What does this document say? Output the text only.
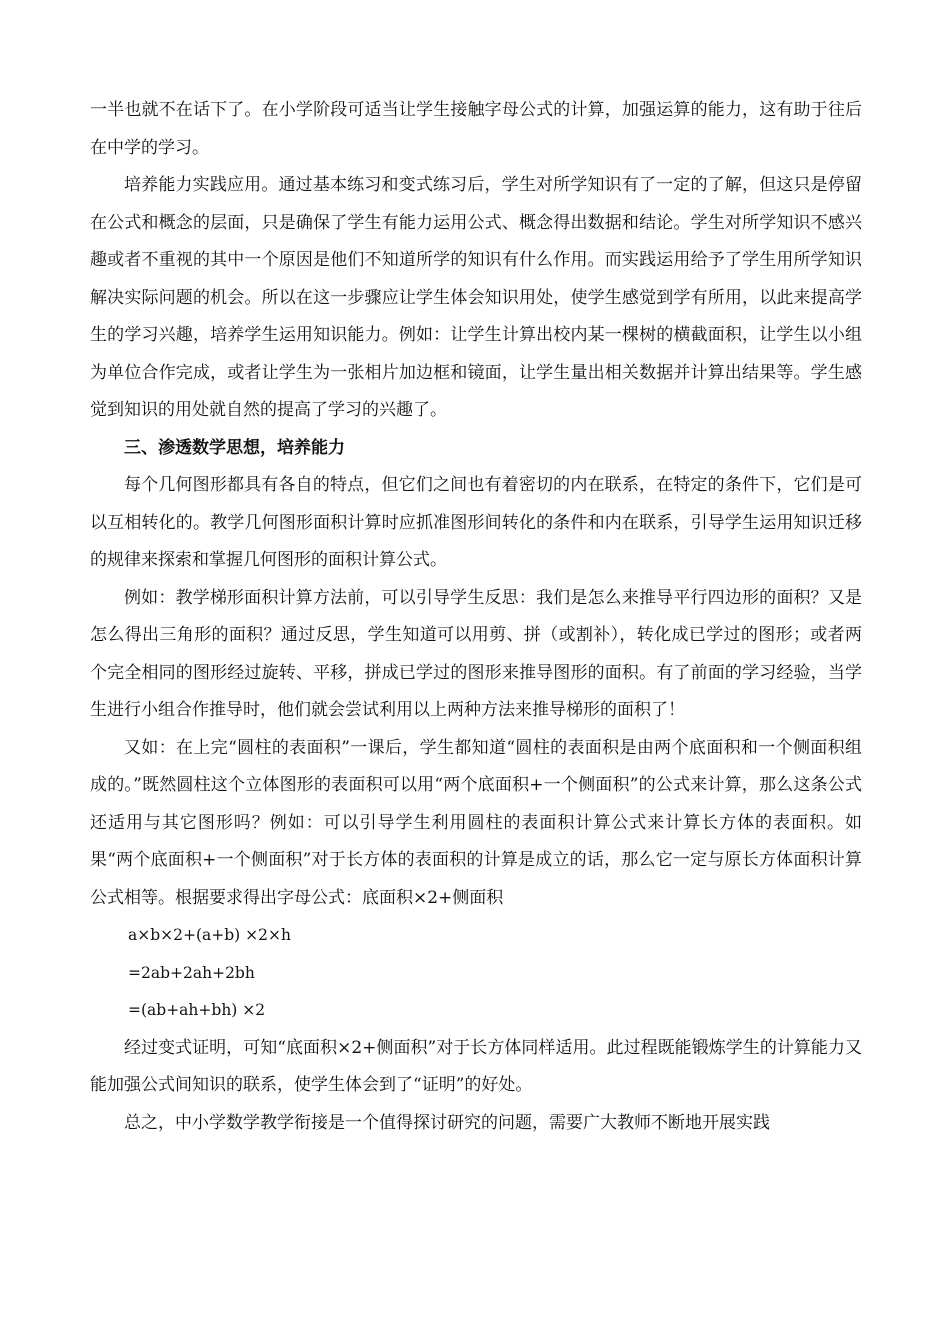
一半也就不在话下了。在小学阶段可适当让学生接触字母公式的计算，加强运算的能力，这有助于往后在中学的学习。

培养能力实践应用。通过基本练习和变式练习后，学生对所学知识有了一定的了解，但这只是停留在公式和概念的层面，只是确保了学生有能力运用公式、概念得出数据和结论。学生对所学知识不感兴趣或者不重视的其中一个原因是他们不知道所学的知识有什么作用。而实践运用给予了学生用所学知识解决实际问题的机会。所以在这一步骤应让学生体会知识用处，使学生感觉到学有所用，以此来提高学生的学习兴趣，培养学生运用知识能力。例如：让学生计算出校内某一棵树的横截面积，让学生以小组为单位合作完成，或者让学生为一张相片加边框和镜面，让学生量出相关数据并计算出结果等。学生感觉到知识的用处就自然的提高了学习的兴趣了。

三、渗透数学思想，培养能力

每个几何图形都具有各自的特点，但它们之间也有着密切的内在联系，在特定的条件下，它们是可以互相转化的。教学几何图形面积计算时应抓准图形间转化的条件和内在联系，引导学生运用知识迁移的规律来探索和掌握几何图形的面积计算公式。

例如：教学梯形面积计算方法前，可以引导学生反思：我们是怎么来推导平行四边形的面积？又是怎么得出三角形的面积？通过反思，学生知道可以用剪、拼（或割补），转化成已学过的图形；或者两个完全相同的图形经过旋转、平移，拼成已学过的图形来推导图形的面积。有了前面的学习经验，当学生进行小组合作推导时，他们就会尝试利用以上两种方法来推导梯形的面积了！

又如：在上完“圆柱的表面积”一课后，学生都知道“圆柱的表面积是由两个底面积和一个侧面积组成的。”既然圆柱这个立体图形的表面积可以用“两个底面积+一个侧面积”的公式来计算，那么这条公式还适用与其它图形吗？例如：可以引导学生利用圆柱的表面积计算公式来计算长方体的表面积。如果“两个底面积+一个侧面积”对于长方体的表面积的计算是成立的话，那么它一定与原长方体面积计算公式相等。根据要求得出字母公式：底面积×2+侧面积

a×b×2+(a+b) ×2×h

=2ab+2ah+2bh

=(ab+ah+bh) ×2

经过变式证明，可知“底面积×2+侧面积”对于长方体同样适用。此过程既能锻炼学生的计算能力又能加强公式间知识的联系，使学生体会到了“证明”的好处。

总之，中小学数学教学衔接是一个值得探讨研究的问题，需要广大教师不断地开展实践
